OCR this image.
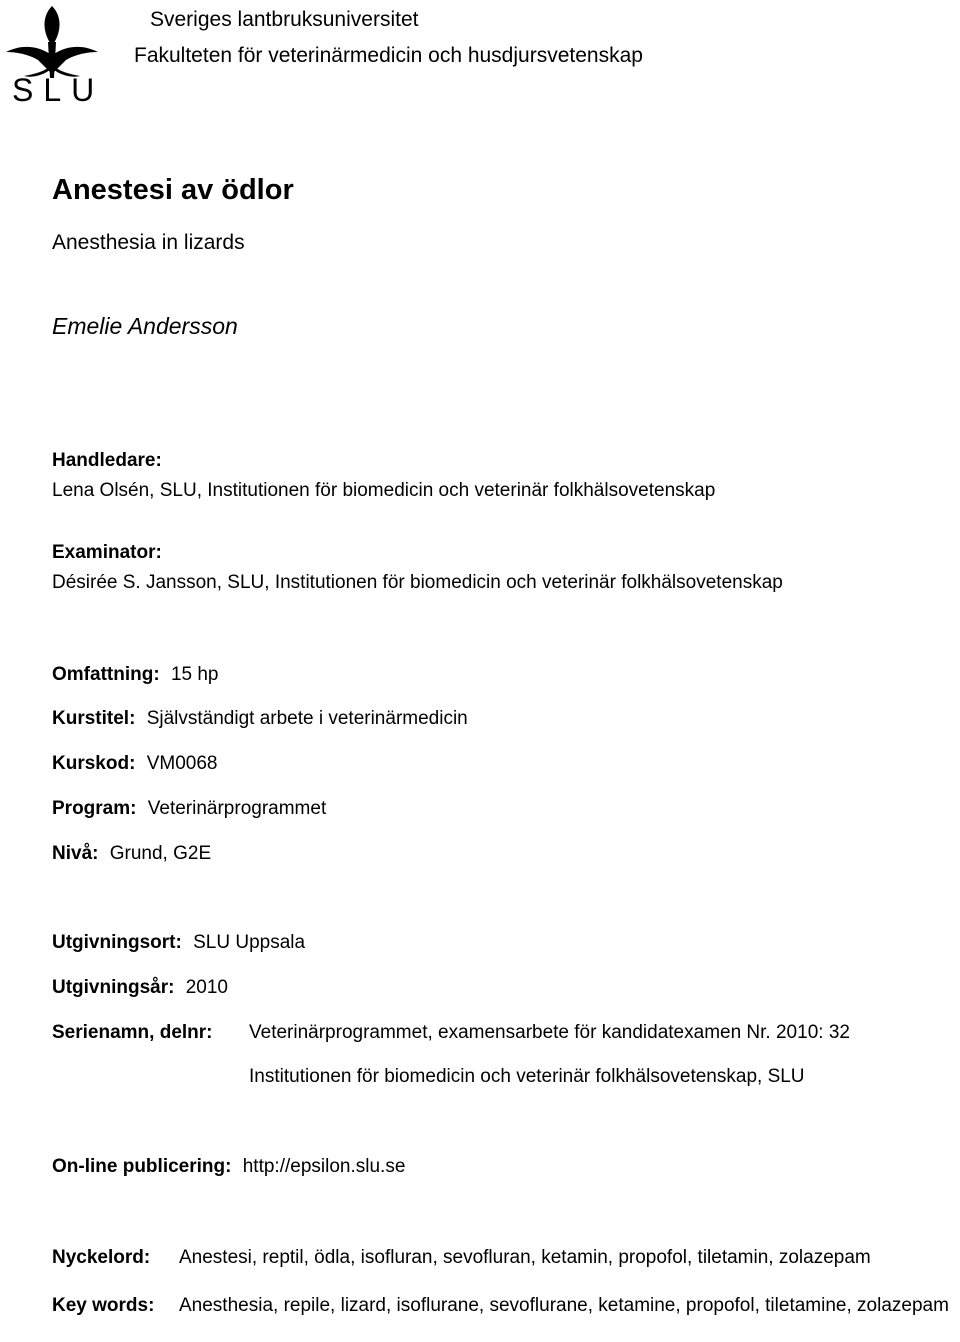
SLU
Sveriges lantbruksuniversitet
Fakulteten för veterinärmedicin och husdjursvetenskap
Anestesi av ödlor
Anesthesia in lizards
Emelie Andersson
Handledare:
Lena Olsén, SLU, Institutionen för biomedicin och veterinär folkhälsovetenskap
Examinator:
Désirée S. Jansson, SLU, Institutionen för biomedicin och veterinär folkhälsovetenskap
Omfattning: 15 hp
Kurstitel: Självständigt arbete i veterinärmedicin
Kurskod: VM0068
Program: Veterinärprogrammet
Nivå: Grund, G2E
Utgivningsort: SLU Uppsala
Utgivningsår: 2010
Serienamn, delnr: Veterinärprogrammet, examensarbete för kandidatexamen Nr. 2010: 32
Institutionen för biomedicin och veterinär folkhälsovetenskap, SLU
On-line publicering: http://epsilon.slu.se
Nyckelord:	Anestesi, reptil, ödla, isofluran, sevofluran, ketamin, propofol, tiletamin, zolazepam
Key words:	Anesthesia, repile, lizard, isoflurane, sevoflurane, ketamine, propofol, tiletamine, zolazepam
